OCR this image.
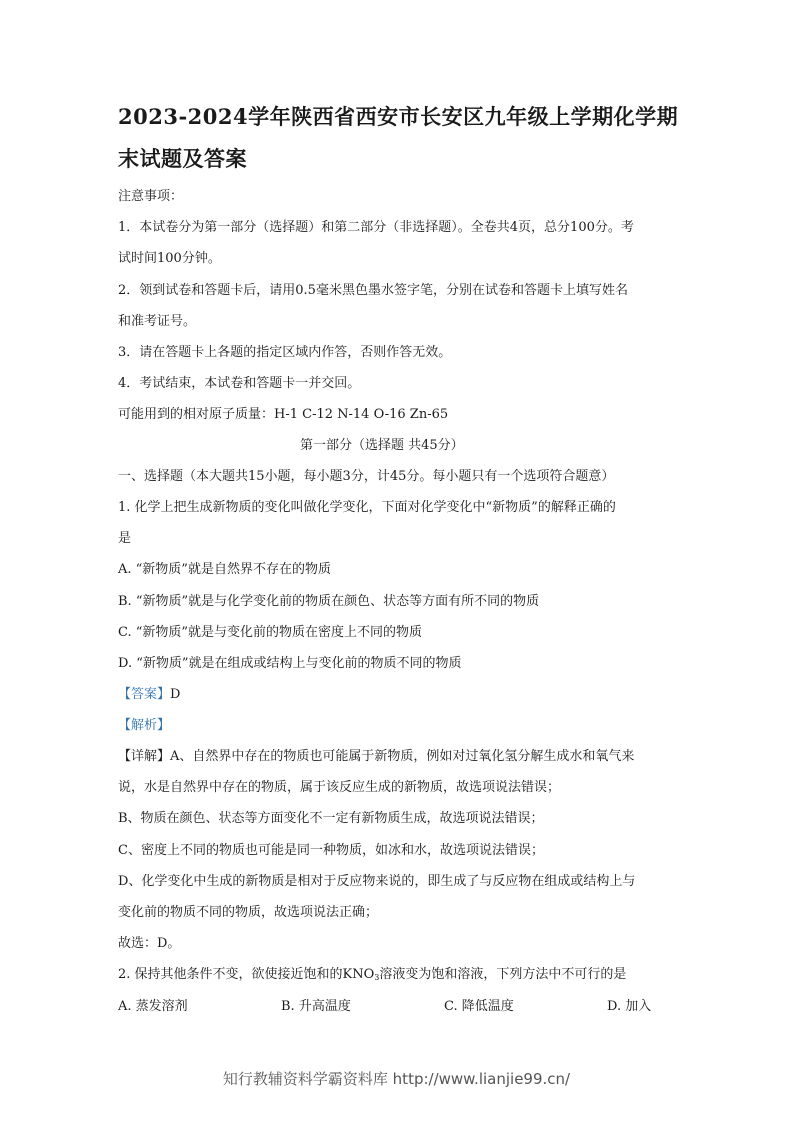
2023-2024学年陕西省西安市长安区九年级上学期化学期末试题及答案
注意事项：
1．本试卷分为第一部分（选择题）和第二部分（非选择题）。全卷共4页，总分100分。考
试时间100分钟。
2．领到试卷和答题卡后，请用0.5毫米黑色墨水签字笔，分别在试卷和答题卡上填写姓名
和准考证号。
3．请在答题卡上各题的指定区域内作答，否则作答无效。
4．考试结束，本试卷和答题卡一并交回。
可能用到的相对原子质量：H-1 C-12 N-14 O-16 Zn-65
第一部分（选择题 共45分）
一、选择题（本大题共15小题，每小题3分，计45分。每小题只有一个选项符合题意）
1. 化学上把生成新物质的变化叫做化学变化，下面对化学变化中“新物质”的解释正确的
是
A. “新物质”就是自然界不存在的物质
B. “新物质”就是与化学变化前的物质在颜色、状态等方面有所不同的物质
C. “新物质”就是与变化前的物质在密度上不同的物质
D. “新物质”就是在组成或结构上与变化前的物质不同的物质
【答案】D
【解析】
【详解】A、自然界中存在的物质也可能属于新物质，例如对过氧化氢分解生成水和氧气来
说，水是自然界中存在的物质，属于该反应生成的新物质，故选项说法错误；
B、物质在颜色、状态等方面变化不一定有新物质生成，故选项说法错误；
C、密度上不同的物质也可能是同一种物质，如冰和水，故选项说法错误；
D、化学变化中生成的新物质是相对于反应物来说的，即生成了与反应物在组成或结构上与
变化前的物质不同的物质，故选项说法正确；
故选：D。
2. 保持其他条件不变，欲使接近饱和的$KNO_3$溶液变为饱和溶液，下列方法中不可行的是
A. 蒸发溶剂	B. 升高温度	C. 降低温度	D. 加入
知行教辅资料学霸资料库 http://www.lianjie99.cn/
